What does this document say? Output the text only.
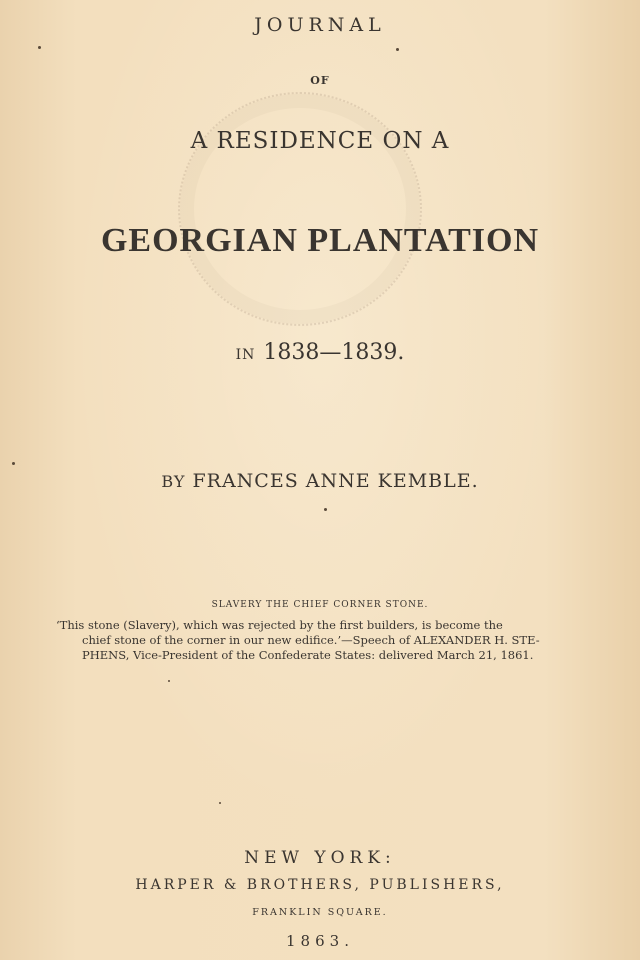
JOURNAL
OF
A RESIDENCE ON A
GEORGIAN PLANTATION
IN 1838—1839.
BY FRANCES ANNE KEMBLE.
SLAVERY THE CHIEF CORNER STONE.
‘This stone (Slavery), which was rejected by the first builders, is become the
chief stone of the corner in our new edifice.’—Speech of ALEXANDER H. STE-
PHENS, Vice-President of the Confederate States: delivered March 21, 1861.
NEW YORK:
HARPER & BROTHERS, PUBLISHERS,
FRANKLIN SQUARE.
1863.
